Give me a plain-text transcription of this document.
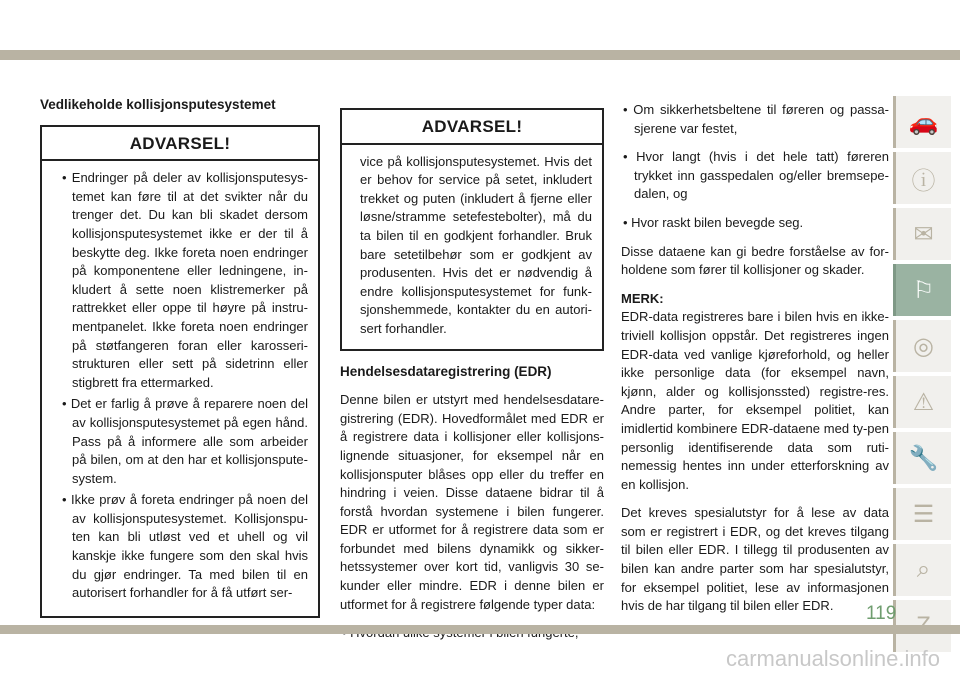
Vedlikeholde kollisjonsputesystemet
ADVARSEL!
• Endringer på deler av kollisjonsputesys-temet kan føre til at det svikter når du trenger det. Du kan bli skadet dersom kollisjonsputesystemet ikke er der til å beskytte deg. Ikke foreta noen endringer på komponentene eller ledningene, in-kludert å sette noen klistremerker på rattrekket eller oppe til høyre på instru-mentpanelet. Ikke foreta noen endringer på støtfangeren foran eller karosseri-strukturen eller sett på sidetrinn eller stigbrett fra ettermarked.
• Det er farlig å prøve å reparere noen del av kollisjonsputesystemet på egen hånd. Pass på å informere alle som arbeider på bilen, om at den har et kollisjonspute-system.
• Ikke prøv å foreta endringer på noen del av kollisjonsputesystemet. Kollisjonspu-ten kan bli utløst ved et uhell og vil kanskje ikke fungere som den skal hvis du gjør endringer. Ta med bilen til en autorisert forhandler for å få utført ser-
ADVARSEL!
vice på kollisjonsputesystemet. Hvis det er behov for service på setet, inkludert trekket og puten (inkludert å fjerne eller løsne/stramme setefestebolter), må du ta bilen til en godkjent forhandler. Bruk bare setetilbehør som er godkjent av produsenten. Hvis det er nødvendig å endre kollisjonsputesystemet for funk-sjonshemmede, kontakter du en autori-sert forhandler.
Hendelsesdataregistrering (EDR)
Denne bilen er utstyrt med hendelsesdatare-gistrering (EDR). Hovedformålet med EDR er å registrere data i kollisjoner eller kollisjons-lignende situasjoner, for eksempel når en kollisjonsputer blåses opp eller du treffer en hindring i veien. Disse dataene bidrar til å forstå hvordan systemene i bilen fungerer. EDR er utformet for å registrere data som er forbundet med bilens dynamikk og sikker-hetssystemer over kort tid, vanligvis 30 se-kunder eller mindre. EDR i denne bilen er utformet for å registrere følgende typer data:
• Om sikkerhetsbeltene til føreren og passa-sjerene var festet,
• Hvor langt (hvis i det hele tatt) føreren trykket inn gasspedalen og/eller bremsepe-dalen, og
• Hvor raskt bilen bevegde seg.
Disse dataene kan gi bedre forståelse av for-holdene som fører til kollisjoner og skader.
MERK:
EDR-data registreres bare i bilen hvis en ikke-triviell kollisjon oppstår. Det registreres ingen EDR-data ved vanlige kjøreforhold, og heller ikke personlige data (for eksempel navn, kjønn, alder og kollisjonssted) registre-res. Andre parter, for eksempel politiet, kan imidlertid kombinere EDR-dataene med ty-pen personlig identifiserende data som ruti-nemessig hentes inn under etterforskning av en kollisjon.
Det kreves spesialutstyr for å lese av data som er registrert i EDR, og det kreves tilgang til bilen eller EDR. I tillegg til produsenten av bilen kan andre parter som har spesialutstyr, for eksempel politiet, lese av informasjonen hvis de har tilgang til bilen eller EDR.
🚗
ⓘ
✉
⚐
◎
⚠
🔧
☰
⌕
119
carmanualsonline.info
